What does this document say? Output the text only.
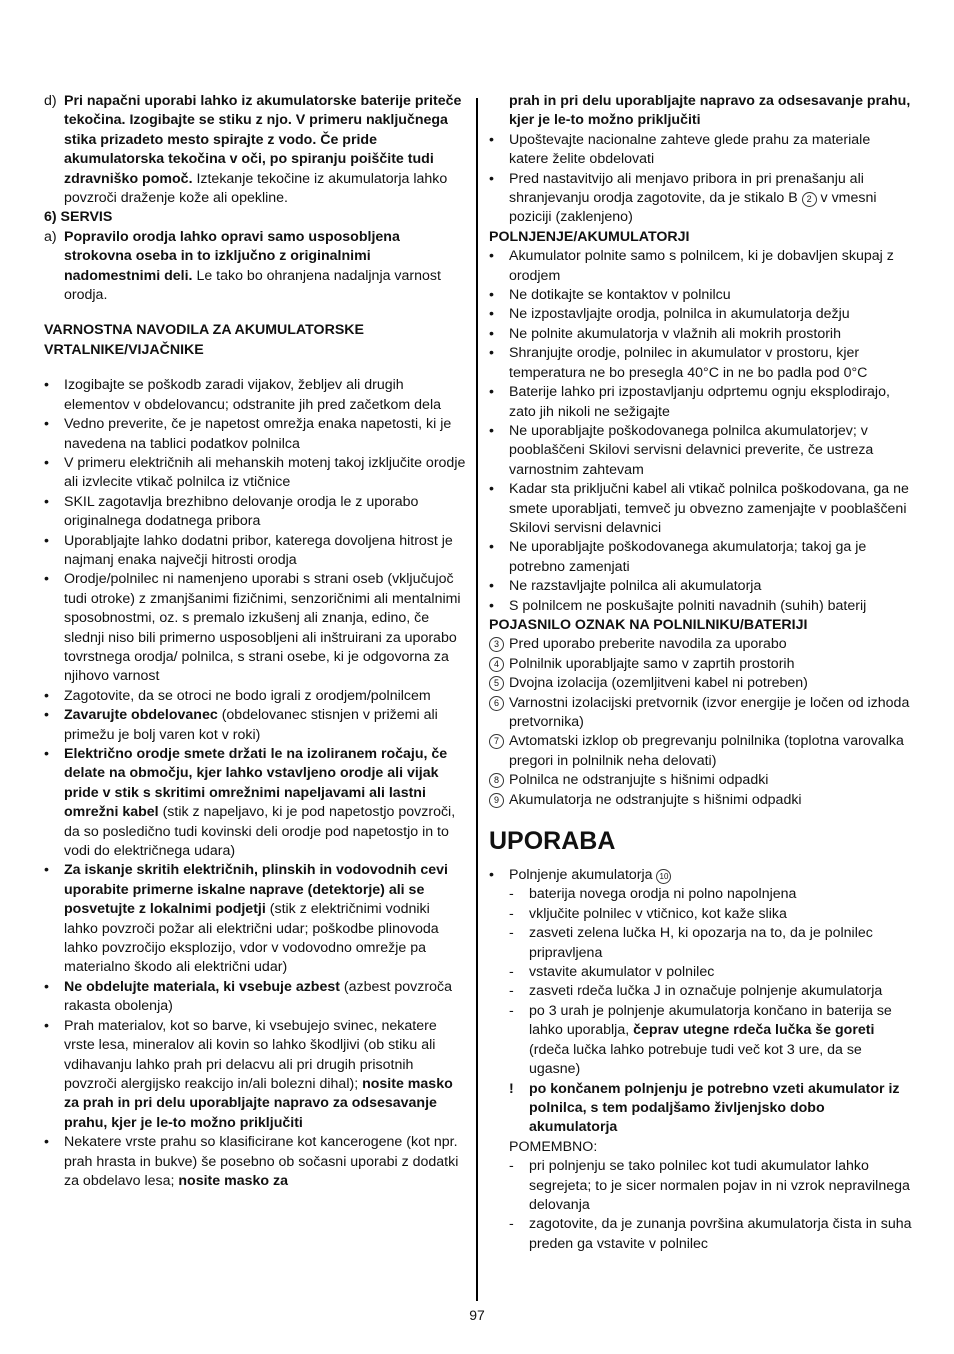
d) Pri napačni uporabi lahko iz akumulatorske baterije priteče tekočina. Izogibajte se stiku z njo. V primeru naključnega stika prizadeto mesto spirajte z vodo. Če pride akumulatorska tekočina v oči, po spiranju poiščite tudi zdravniško pomoč. Iztekanje tekočine iz akumulatorja lahko povzroči draženje kože ali opekline.

6) SERVIS

a) Popravilo orodja lahko opravi samo usposobljena strokovna oseba in to izključno z originalnimi nadomestnimi deli. Le tako bo ohranjena nadaljnja varnost orodja.

VARNOSTNA NAVODILA ZA AKUMULATORSKE VRTALNIKE/VIJAČNIKE

• Izogibajte se poškodb zaradi vijakov, žebljev ali drugih elementov v obdelovancu; odstranite jih pred začetkom dela
• Vedno preverite, če je napetost omrežja enaka napetosti, ki je navedena na tablici podatkov polnilca
• V primeru električnih ali mehanskih motenj takoj izključite orodje ali izvlecite vtikač polnilca iz vtičnice
• SKIL zagotavlja brezhibno delovanje orodja le z uporabo originalnega dodatnega pribora
• Uporabljajte lahko dodatni pribor, katerega dovoljena hitrost je najmanj enaka največji hitrosti orodja
• Orodje/polnilec ni namenjeno uporabi s strani oseb (vključujoč tudi otroke) z zmanjšanimi fizičnimi, senzoričnimi ali mentalnimi sposobnostmi, oz. s premalo izkušenj ali znanja, edino, če slednji niso bili primerno usposobljeni ali inštruirani za uporabo tovrstnega orodja/ polnilca, s strani osebe, ki je odgovorna za njihovo varnost
• Zagotovite, da se otroci ne bodo igrali z orodjem/polnilcem
• Zavarujte obdelovanec (obdelovanec stisnjen v prižemi ali primežu je bolj varen kot v roki)
• Električno orodje smete držati le na izoliranem ročaju, če delate na območju, kjer lahko vstavljeno orodje ali vijak pride v stik s skritimi omrežnimi napeljavami ali lastni omrežni kabel (stik z napeljavo, ki je pod napetostjo povzroči, da so posledično tudi kovinski deli orodje pod napetostjo in to vodi do električnega udara)
• Za iskanje skritih električnih, plinskih in vodovodnih cevi uporabite primerne iskalne naprave (detektorje) ali se posvetujte z lokalnimi podjetji (stik z električnimi vodniki lahko povzroči požar ali električni udar; poškodbe plinovoda lahko povzročijo eksplozijo, vdor v vodovodno omrežje pa materialno škodo ali električni udar)
• Ne obdelujte materiala, ki vsebuje azbest (azbest povzroča rakasta obolenja)
• Prah materialov, kot so barve, ki vsebujejo svinec, nekatere vrste lesa, mineralov ali kovin so lahko škodljivi (ob stiku ali vdihavanju lahko prah pri delacvu ali pri drugih prisotnih povzroči alergijsko reakcijo in/ali bolezni dihal); nosite masko za prah in pri delu uporabljajte napravo za odsesavanje prahu, kjer je le-to možno priključiti
• Nekatere vrste prahu so klasificirane kot kancerogene (kot npr. prah hrasta in bukve) še posebno ob sočasni uporabi z dodatki za obdelavo lesa; nosite masko za

prah in pri delu uporabljajte napravo za odsesavanje prahu, kjer je le-to možno priključiti

• Upoštevajte nacionalne zahteve glede prahu za materiale katere želite obdelovati
• Pred nastavitvijo ali menjavo pribora in pri prenašanju ali shranjevanju orodja zagotovite, da je stikalo B 2 v vmesni poziciji (zaklenjeno)

POLNJENJE/AKUMULATORJI

• Akumulator polnite samo s polnilcem, ki je dobavljen skupaj z orodjem
• Ne dotikajte se kontaktov v polnilcu
• Ne izpostavljajte orodja, polnilca in akumulatorja dežju
• Ne polnite akumulatorja v vlažnih ali mokrih prostorih
• Shranjujte orodje, polnilec in akumulator v prostoru, kjer temperatura ne bo presegla 40°C in ne bo padla pod 0°C
• Baterije lahko pri izpostavljanju odprtemu ognju eksplodirajo, zato jih nikoli ne sežigajte
• Ne uporabljajte poškodovanega polnilca akumulatorjev; v pooblaščeni Skilovi servisni delavnici preverite, če ustreza varnostnim zahtevam
• Kadar sta priključni kabel ali vtikač polnilca poškodovana, ga ne smete uporabljati, temveč ju obvezno zamenjajte v pooblaščeni Skilovi servisni delavnici
• Ne uporabljajte poškodovanega akumulatorja; takoj ga je potrebno zamenjati
• Ne razstavljajte polnilca ali akumulatorja
• S polnilcem ne poskušajte polniti navadnih (suhih) baterij

POJASNILO OZNAK NA POLNILNIKU/BATERIJI

3 Pred uporabo preberite navodila za uporabo
4 Polnilnik uporabljajte samo v zaprtih prostorih
5 Dvojna izolacija (ozemljitveni kabel ni potreben)
6 Varnostni izolacijski pretvornik (izvor energije je ločen od izhoda pretvornika)
7 Avtomatski izklop ob pregrevanju polnilnika (toplotna varovalka pregori in polnilnik neha delovati)
8 Polnilca ne odstranjujte s hišnimi odpadki
9 Akumulatorja ne odstranjujte s hišnimi odpadki
UPORABA
• Polnjenje akumulatorja 10
- baterija novega orodja ni polno napolnjena
- vključite polnilec v vtičnico, kot kaže slika
- zasveti zelena lučka H, ki opozarja na to, da je polnilec pripravljena
- vstavite akumulator v polnilec
- zasveti rdeča lučka J in označuje polnjenje akumulatorja
- po 3 urah je polnjenje akumulatorja končano in baterija se lahko uporablja, čeprav utegne rdeča lučka še goreti (rdeča lučka lahko potrebuje tudi več kot 3 ure, da se ugasne)
! po končanem polnjenju je potrebno vzeti akumulator iz polnilca, s tem podaljšamo življenjsko dobo akumulatorja

POMEMBNO:

- pri polnjenju se tako polnilec kot tudi akumulator lahko segrejeta; to je sicer normalen pojav in ni vzrok nepravilnega delovanja
- zagotovite, da je zunanja površina akumulatorja čista in suha preden ga vstavite v polnilec
97
